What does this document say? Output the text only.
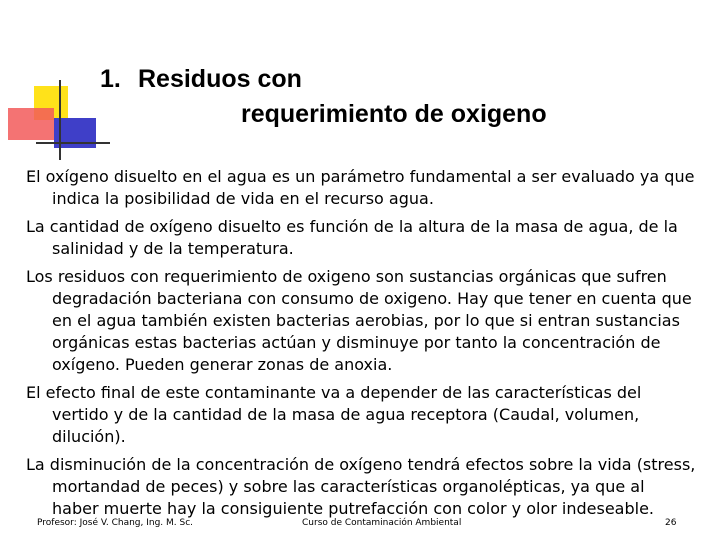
1. Residuos con
requerimiento de oxigeno

El oxígeno disuelto en el agua es un parámetro fundamental a ser evaluado ya que indica la posibilidad de vida en el recurso agua.

La cantidad de oxígeno disuelto es función de la altura de la masa de agua, de la salinidad y de la temperatura.

Los residuos con requerimiento de oxigeno son sustancias orgánicas que sufren degradación bacteriana con consumo de oxigeno. Hay que tener en cuenta que en el agua también existen bacterias aerobias, por lo que si entran sustancias orgánicas estas bacterias actúan y disminuye por tanto la concentración de oxígeno. Pueden generar zonas de anoxia.

El efecto final de este contaminante va a depender de las características del vertido y de la cantidad de la masa de agua receptora (Caudal, volumen, dilución).

La disminución de la concentración de oxígeno tendrá efectos sobre la vida (stress, mortandad de peces) y sobre las características organolépticas, ya que al haber muerte hay la consiguiente putrefacción con color y olor indeseable.

Profesor: José V. Chang, Ing. M. Sc.	Curso de Contaminación Ambiental	26
